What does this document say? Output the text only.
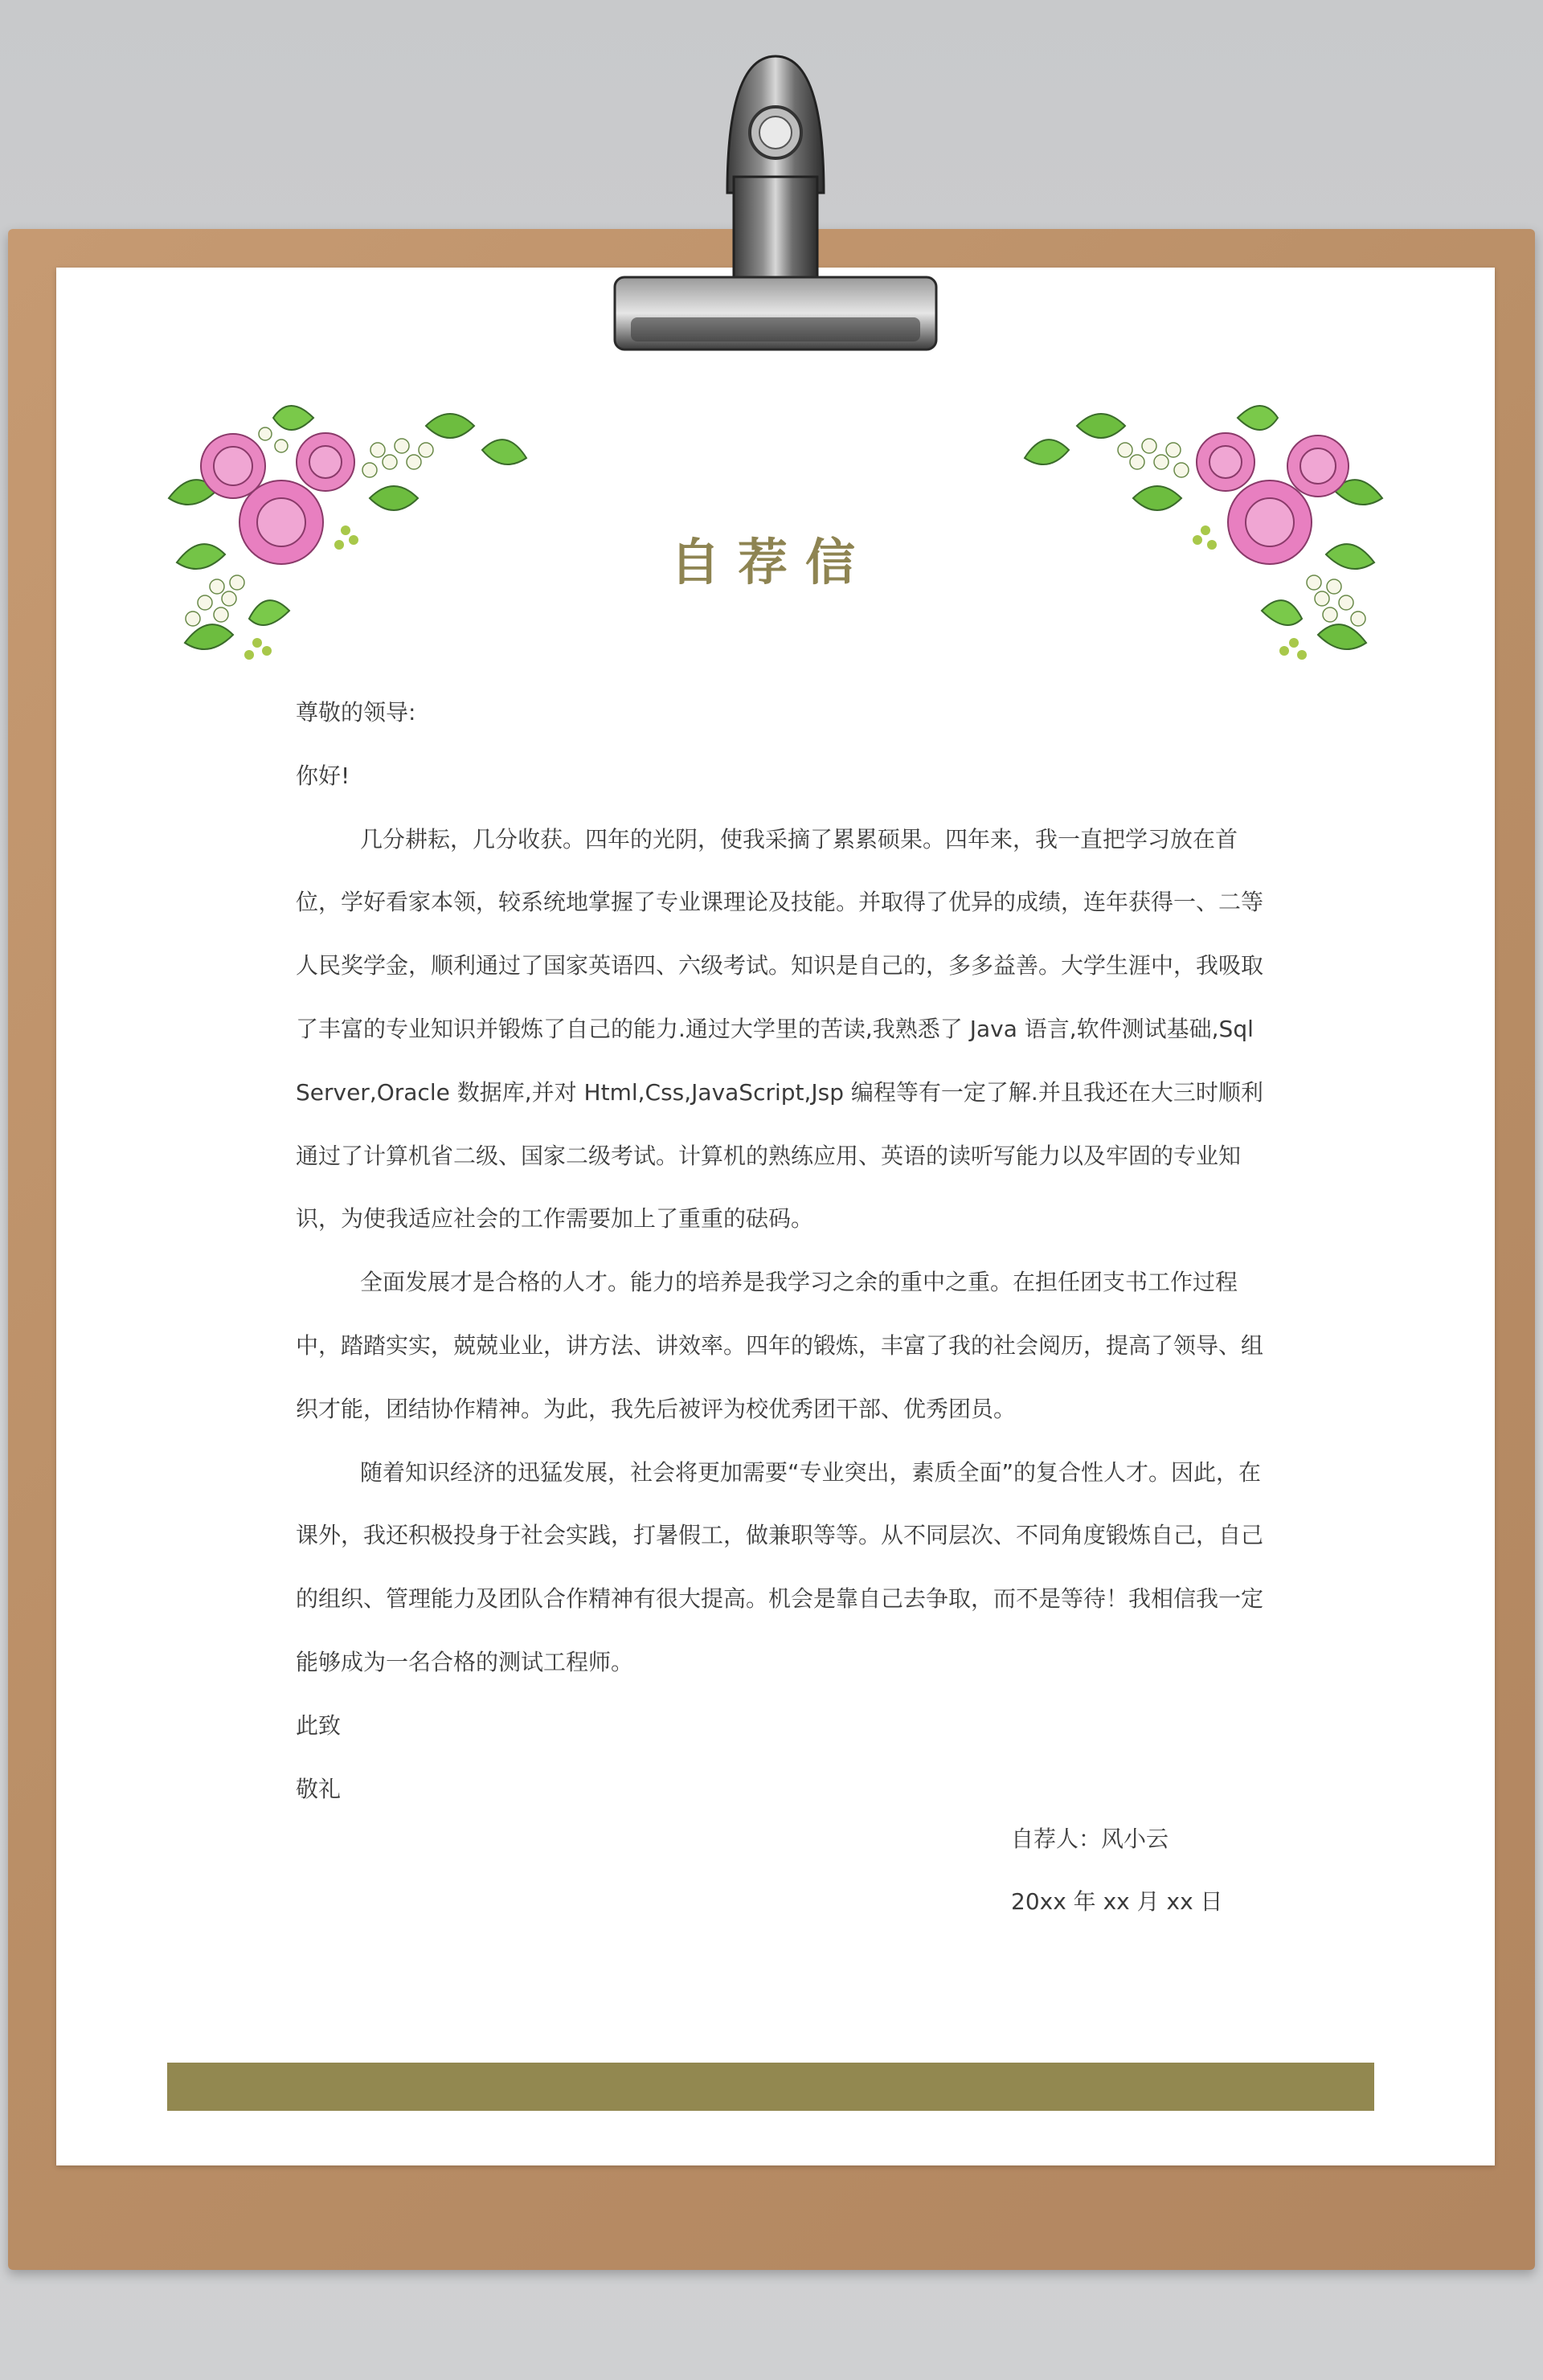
自荐信

尊敬的领导:

你好!

几分耕耘，几分收获。四年的光阴，使我采摘了累累硕果。四年来，我一直把学习放在首位，学好看家本领，较系统地掌握了专业课理论及技能。并取得了优异的成绩，连年获得一、二等人民奖学金，顺利通过了国家英语四、六级考试。知识是自己的，多多益善。大学生涯中，我吸取了丰富的专业知识并锻炼了自己的能力.通过大学里的苦读,我熟悉了 Java 语言,软件测试基础,Sql Server,Oracle 数据库,并对 Html,Css,JavaScript,Jsp 编程等有一定了解.并且我还在大三时顺利通过了计算机省二级、国家二级考试。计算机的熟练应用、英语的读听写能力以及牢固的专业知识，为使我适应社会的工作需要加上了重重的砝码。

全面发展才是合格的人才。能力的培养是我学习之余的重中之重。在担任团支书工作过程中，踏踏实实，兢兢业业，讲方法、讲效率。四年的锻炼，丰富了我的社会阅历，提高了领导、组织才能，团结协作精神。为此，我先后被评为校优秀团干部、优秀团员。

随着知识经济的迅猛发展，社会将更加需要“专业突出，素质全面”的复合性人才。因此，在课外，我还积极投身于社会实践，打暑假工，做兼职等等。从不同层次、不同角度锻炼自己，自己的组织、管理能力及团队合作精神有很大提高。机会是靠自己去争取，而不是等待！我相信我一定能够成为一名合格的测试工程师。

此致

敬礼

自荐人：风小云
20xx 年 xx 月 xx 日
